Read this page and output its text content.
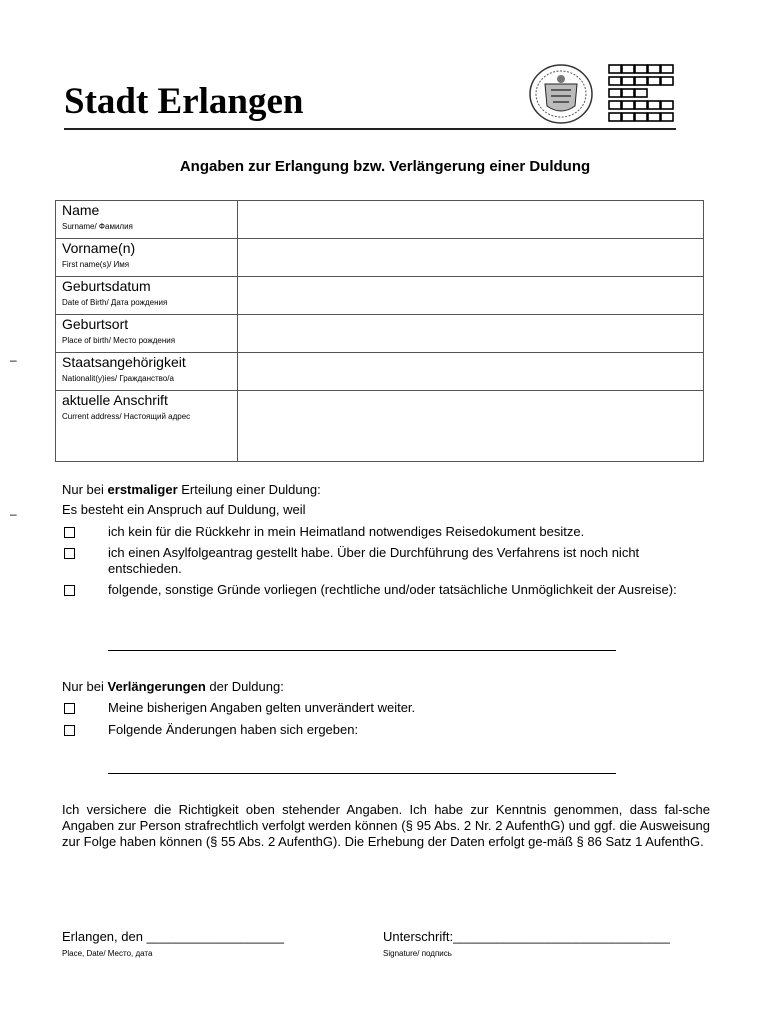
Stadt Erlangen
Angaben zur Erlangung bzw. Verlängerung einer Duldung
–
–
Name
Surname/ Фамилия	

Vorname(n)
First name(s)/ Имя	

Geburtsdatum
Date of Birth/ Дата рождения	

Geburtsort
Place of birth/ Место рождения	

Staatsangehörigkeit
Nationalit(y)ies/ Гражданство/а	

aktuelle Anschrift
Current address/ Настоящий адрес	

Nur bei erstmaliger Erteilung einer Duldung:
Es besteht ein Anspruch auf Duldung, weil
ich kein für die Rückkehr in mein Heimatland notwendiges Reisedokument besitze.
ich einen Asylfolgeantrag gestellt habe. Über die Durchführung des Verfahrens ist noch nicht entschieden.
folgende, sonstige Gründe vorliegen (rechtliche und/oder tatsächliche Unmöglichkeit der Ausreise):
Nur bei Verlängerungen der Duldung:
Meine bisherigen Angaben gelten unverändert weiter.
Folgende Änderungen haben sich ergeben:
Ich versichere die Richtigkeit oben stehender Angaben. Ich habe zur Kenntnis genommen, dass fal-sche Angaben zur Person strafrechtlich verfolgt werden können (§ 95 Abs. 2 Nr. 2 AufenthG) und ggf. die Ausweisung zur Folge haben können (§ 55 Abs. 2 AufenthG). Die Erhebung der Daten erfolgt ge-mäß § 86 Satz 1 AufenthG.
Erlangen, den ___________________
Place, Date/ Место, дата
Unterschrift:______________________________
Signature/ подпись
